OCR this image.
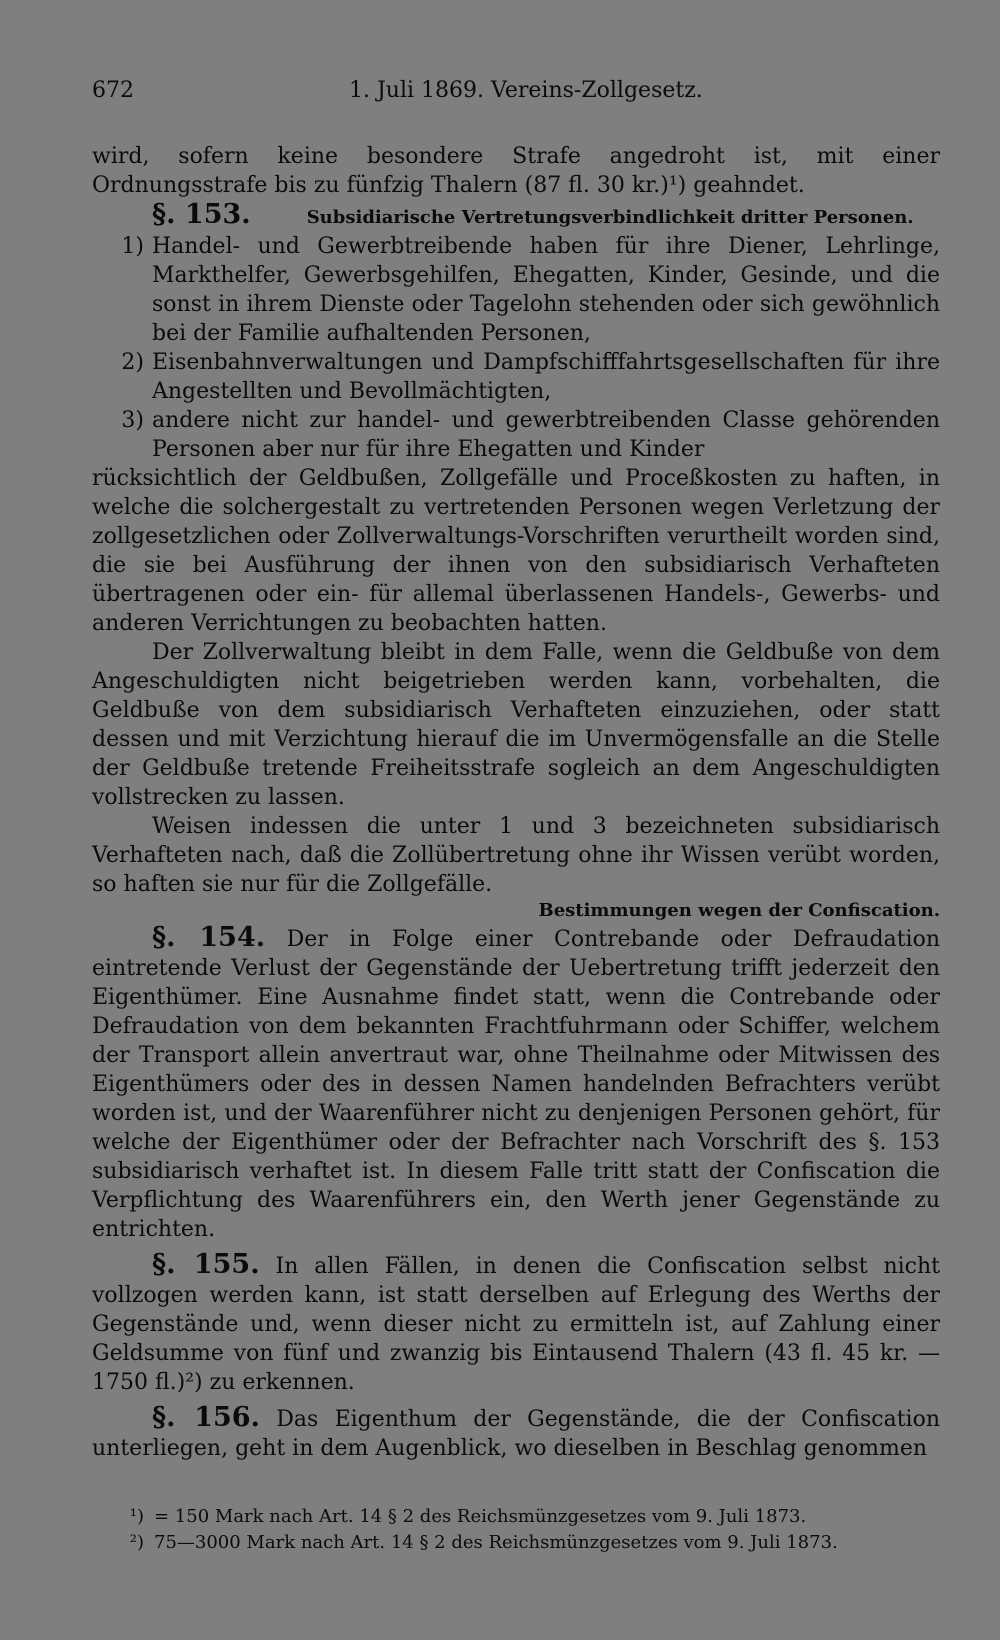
672	1. Juli 1869. Vereins-Zollgesetz.

wird, sofern keine besondere Strafe angedroht ist, mit einer Ordnungsstrafe bis zu fünfzig Thalern (87 fl. 30 kr.)¹) geahndet.

§. 153.	Subsidiarische Vertretungsverbindlichkeit dritter Personen.
1) Handel- und Gewerbtreibende haben für ihre Diener, Lehrlinge, Markthelfer, Gewerbsgehilfen, Ehegatten, Kinder, Gesinde, und die sonst in ihrem Dienste oder Tagelohn stehenden oder sich gewöhnlich bei der Familie aufhaltenden Personen,
2) Eisenbahnverwaltungen und Dampfschifffahrtsgesellschaften für ihre Angestellten und Bevollmächtigten,
3) andere nicht zur handel- und gewerbtreibenden Classe gehörenden Personen aber nur für ihre Ehegatten und Kinder

rücksichtlich der Geldbußen, Zollgefälle und Proceßkosten zu haften, in welche die solchergestalt zu vertretenden Personen wegen Verletzung der zollgesetzlichen oder Zollverwaltungs-Vorschriften verurtheilt worden sind, die sie bei Ausführung der ihnen von den subsidiarisch Verhafteten übertragenen oder ein- für allemal überlassenen Handels-, Gewerbs- und anderen Verrichtungen zu beobachten hatten.

Der Zollverwaltung bleibt in dem Falle, wenn die Geldbuße von dem Angeschuldigten nicht beigetrieben werden kann, vorbehalten, die Geldbuße von dem subsidiarisch Verhafteten einzuziehen, oder statt dessen und mit Verzichtung hierauf die im Unvermögensfalle an die Stelle der Geldbuße tretende Freiheitsstrafe sogleich an dem Angeschuldigten vollstrecken zu lassen.

Weisen indessen die unter 1 und 3 bezeichneten subsidiarisch Verhafteten nach, daß die Zollübertretung ohne ihr Wissen verübt worden, so haften sie nur für die Zollgefälle.

Bestimmungen wegen der Confiscation.

§. 154. Der in Folge einer Contrebande oder Defraudation eintretende Verlust der Gegenstände der Uebertretung trifft jederzeit den Eigenthümer. Eine Ausnahme findet statt, wenn die Contrebande oder Defraudation von dem bekannten Frachtfuhrmann oder Schiffer, welchem der Transport allein anvertraut war, ohne Theilnahme oder Mitwissen des Eigenthümers oder des in dessen Namen handelnden Befrachters verübt worden ist, und der Waarenführer nicht zu denjenigen Personen gehört, für welche der Eigenthümer oder der Befrachter nach Vorschrift des §. 153 subsidiarisch verhaftet ist. In diesem Falle tritt statt der Confiscation die Verpflichtung des Waarenführers ein, den Werth jener Gegenstände zu entrichten.

§. 155. In allen Fällen, in denen die Confiscation selbst nicht vollzogen werden kann, ist statt derselben auf Erlegung des Werths der Gegenstände und, wenn dieser nicht zu ermitteln ist, auf Zahlung einer Geldsumme von fünf und zwanzig bis Eintausend Thalern (43 fl. 45 kr. — 1750 fl.)²) zu erkennen.

§. 156. Das Eigenthum der Gegenstände, die der Confiscation unterliegen, geht in dem Augenblick, wo dieselben in Beschlag genommen

¹) = 150 Mark nach Art. 14 § 2 des Reichsmünzgesetzes vom 9. Juli 1873.
²) 75—3000 Mark nach Art. 14 § 2 des Reichsmünzgesetzes vom 9. Juli 1873.
